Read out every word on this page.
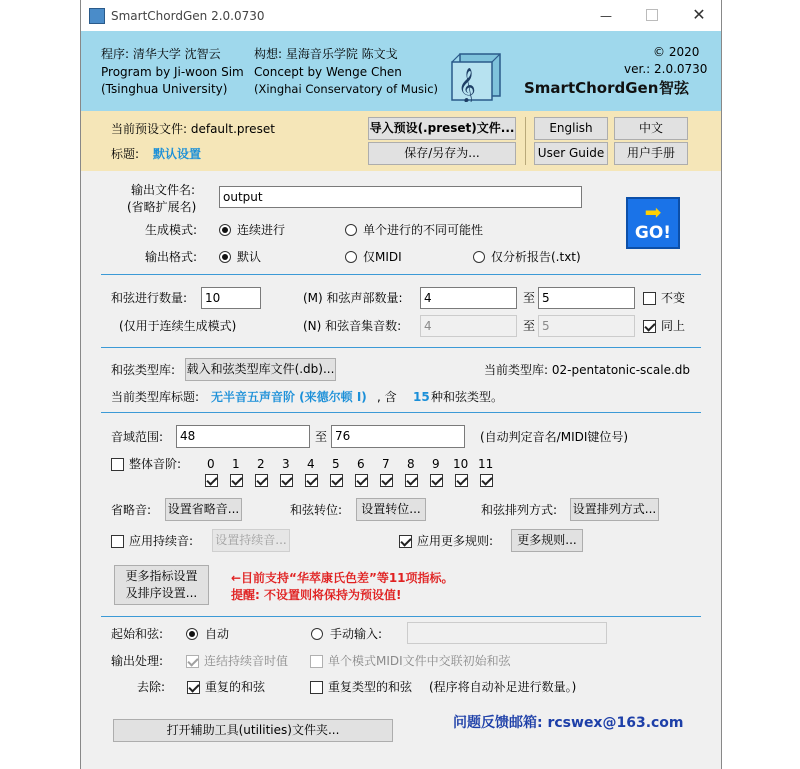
SmartChordGen 2.0.0730	—	✕
程序: 清华大学 沈智云
Program by Ji-woon Sim
(Tsinghua University)
构想: 星海音乐学院 陈文戈
Concept by Wenge Chen
(Xinghai Conservatory of Music) 𝄞
© 2020
ver.: 2.0.0730
SmartChordGen 智弦
当前预设文件: default.preset
标题: 默认设置
导入预设(.preset)文件...
保存/另存为...
English	中文
User Guide	用户手册
输出文件名:
(省略扩展名)
output
生成模式:	连续进行	单个进行的不同可能性
输出格式:	默认	仅MIDI	仅分析报告(.txt)
➡
GO!
和弦进行数量:	10
(仅用于连续生成模式)
(M) 和弦声部数量:	4	至 5	不变
(N) 和弦音集音数:	4	至 5	同上
和弦类型库: 载入和弦类型库文件(.db)...	当前类型库: 02-pentatonic-scale.db
当前类型库标题: 无半音五声音阶 (来德尔顿 I) , 含 15 种和弦类型。
音域范围:	48	至 76	(自动判定音名/MIDI键位号)
整体音阶:
省略音: 设置省略音...	和弦转位:	设置转位...	和弦排列方式: 设置排列方式...
应用持续音: 设置持续音...	应用更多规则:	更多规则...
更多指标设置
及排序设置...
←目前支持“华萃康氏色差”等11项指标。
提醒: 不设置则将保持为预设值!
起始和弦:	自动	手动输入:
输出处理:	连结持续音时值	单个模式MIDI文件中交联初始和弦
去除:	重复的和弦	重复类型的和弦 (程序将自动补足进行数量。)
打开辅助工具(utilities)文件夹...	问题反馈邮箱: rcswex@163.com
0 1 2 3 4 5 6 7 8 9 10 11
